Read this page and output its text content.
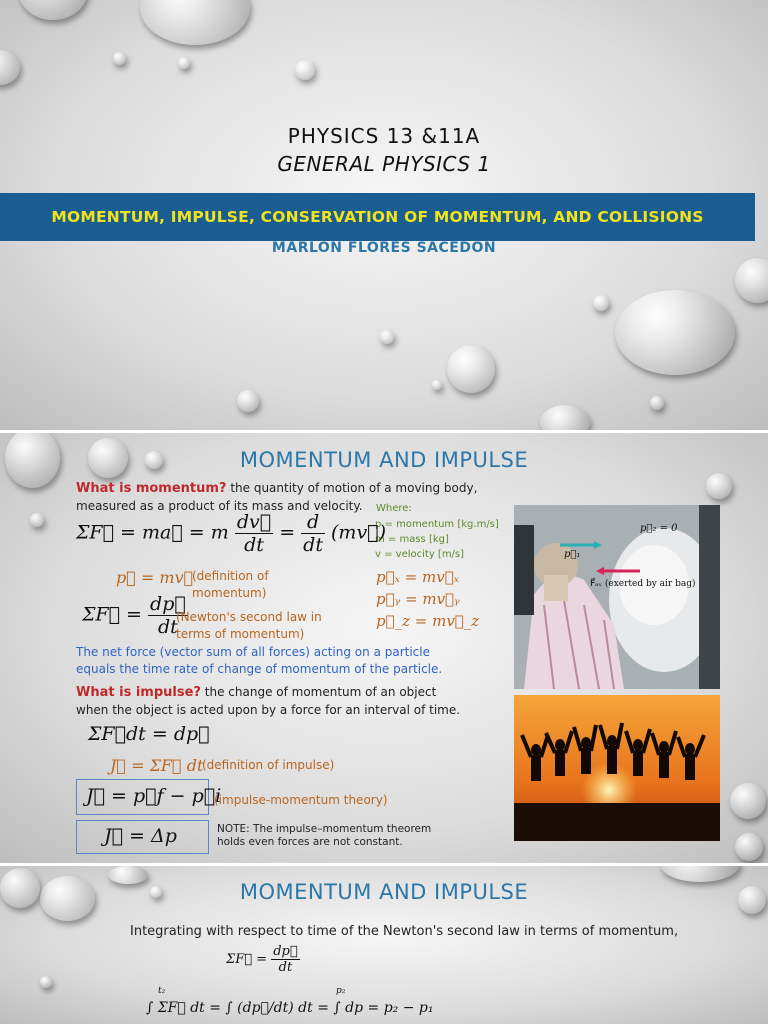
PHYSICS 13 &11A
GENERAL PHYSICS 1
MOMENTUM, IMPULSE, CONSERVATION OF MOMENTUM, AND COLLISIONS
MARLON FLORES SACEDON
MOMENTUM AND IMPULSE
What is momentum? the quantity of motion of a moving body,
measured as a product of its mass and velocity. Where:
p = momentum [kg.m/s]
m = mass [kg]
v = velocity [m/s]
ΣF⃗ = ma⃗ = m $\frac{dv⃗}{dt} = \frac{d}{dt}$ (mv⃗)
p⃗ = mv⃗
(definition of
momentum)
p⃗ₓ = mv⃗ₓ
p⃗ᵧ = mv⃗ᵧ
p⃗_z = mv⃗_z
ΣF⃗ = $\frac{dp⃗}{dt}$
(Newton's second law in
terms of momentum)
The net force (vector sum of all forces) acting on a particle
equals the time rate of change of momentum of the particle.
What is impulse? the change of momentum of an object
when the object is acted upon by a force for an interval of time.
ΣF⃗dt = dp⃗
J⃗ = ΣF⃗ dt
(definition of impulse)
J⃗ = p⃗f − p⃗i
(impulse-momentum theory)
J⃗ = Δp	NOTE: The impulse–momentum theorem
holds even forces are not constant.
p⃗₁
p⃗₂ = 0
F⃗ₐᵥ (exerted by air bag)
MOMENTUM AND IMPULSE
Integrating with respect to time of the Newton's second law in terms of momentum,
ΣF⃗ = $\frac{dp⃗}{dt}$
t₂	p₂
∫ ΣF⃗ dt = ∫ (dp⃗/dt) dt = ∫ dp = p₂ − p₁
